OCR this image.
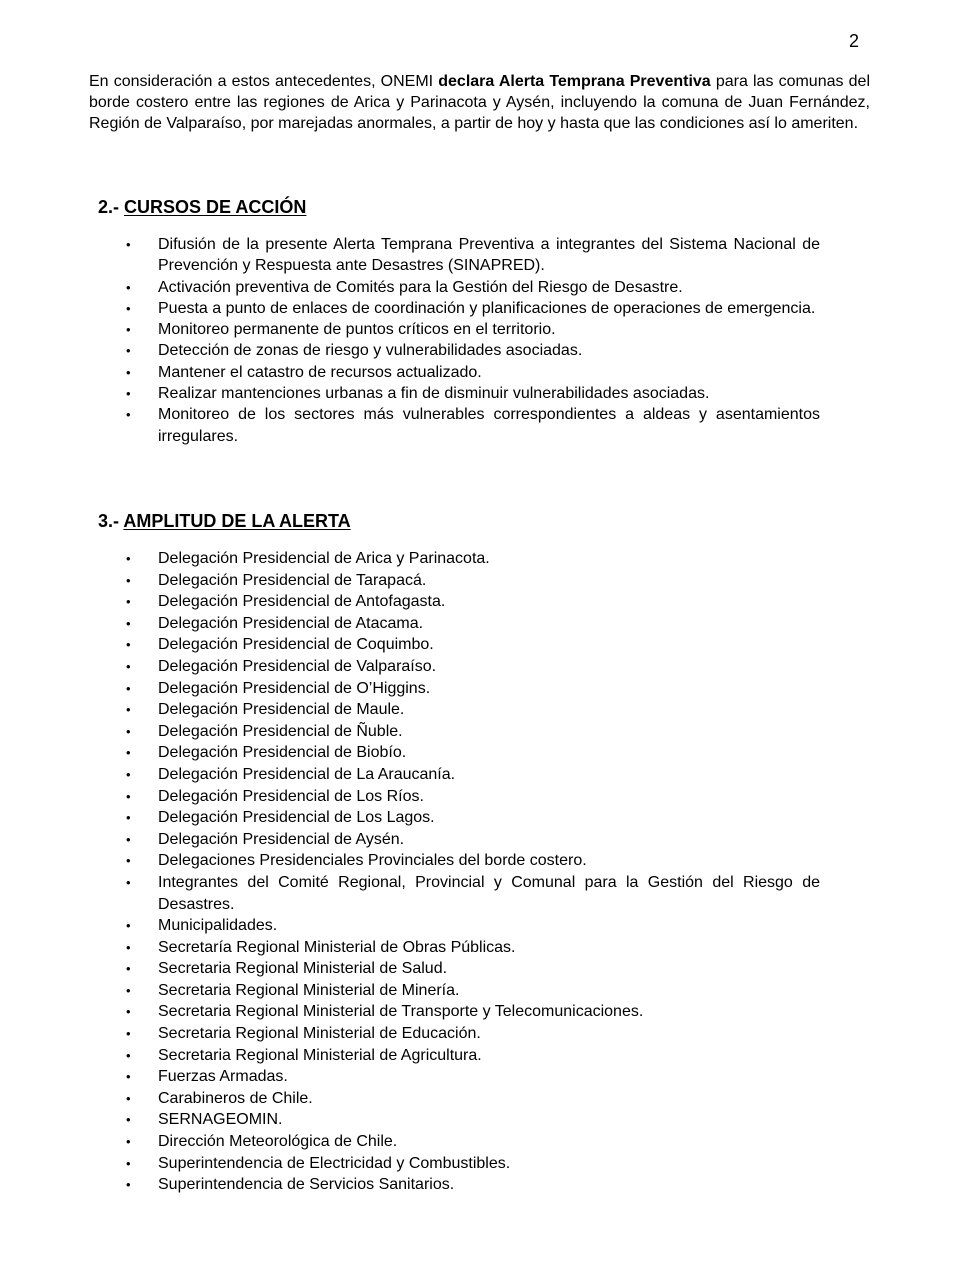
2

En consideración a estos antecedentes, ONEMI declara Alerta Temprana Preventiva para las comunas del borde costero entre las regiones de Arica y Parinacota y Aysén, incluyendo la comuna de Juan Fernández, Región de Valparaíso, por marejadas anormales, a partir de hoy y hasta que las condiciones así lo ameriten.

2.- CURSOS DE ACCIÓN
• Difusión de la presente Alerta Temprana Preventiva a integrantes del Sistema Nacional de Prevención y Respuesta ante Desastres (SINAPRED).
• Activación preventiva de Comités para la Gestión del Riesgo de Desastre.
• Puesta a punto de enlaces de coordinación y planificaciones de operaciones de emergencia.
• Monitoreo permanente de puntos críticos en el territorio.
• Detección de zonas de riesgo y vulnerabilidades asociadas.
• Mantener el catastro de recursos actualizado.
• Realizar mantenciones urbanas a fin de disminuir vulnerabilidades asociadas.
• Monitoreo de los sectores más vulnerables correspondientes a aldeas y asentamientos irregulares.
3.- AMPLITUD DE LA ALERTA
• Delegación Presidencial de Arica y Parinacota.
• Delegación Presidencial de Tarapacá.
• Delegación Presidencial de Antofagasta.
• Delegación Presidencial de Atacama.
• Delegación Presidencial de Coquimbo.
• Delegación Presidencial de Valparaíso.
• Delegación Presidencial de O’Higgins.
• Delegación Presidencial de Maule.
• Delegación Presidencial de Ñuble.
• Delegación Presidencial de Biobío.
• Delegación Presidencial de La Araucanía.
• Delegación Presidencial de Los Ríos.
• Delegación Presidencial de Los Lagos.
• Delegación Presidencial de Aysén.
• Delegaciones Presidenciales Provinciales del borde costero.
• Integrantes del Comité Regional, Provincial y Comunal para la Gestión del Riesgo de Desastres.
• Municipalidades.
• Secretaría Regional Ministerial de Obras Públicas.
• Secretaria Regional Ministerial de Salud.
• Secretaria Regional Ministerial de Minería.
• Secretaria Regional Ministerial de Transporte y Telecomunicaciones.
• Secretaria Regional Ministerial de Educación.
• Secretaria Regional Ministerial de Agricultura.
• Fuerzas Armadas.
• Carabineros de Chile.
• SERNAGEOMIN.
• Dirección Meteorológica de Chile.
• Superintendencia de Electricidad y Combustibles.
• Superintendencia de Servicios Sanitarios.
